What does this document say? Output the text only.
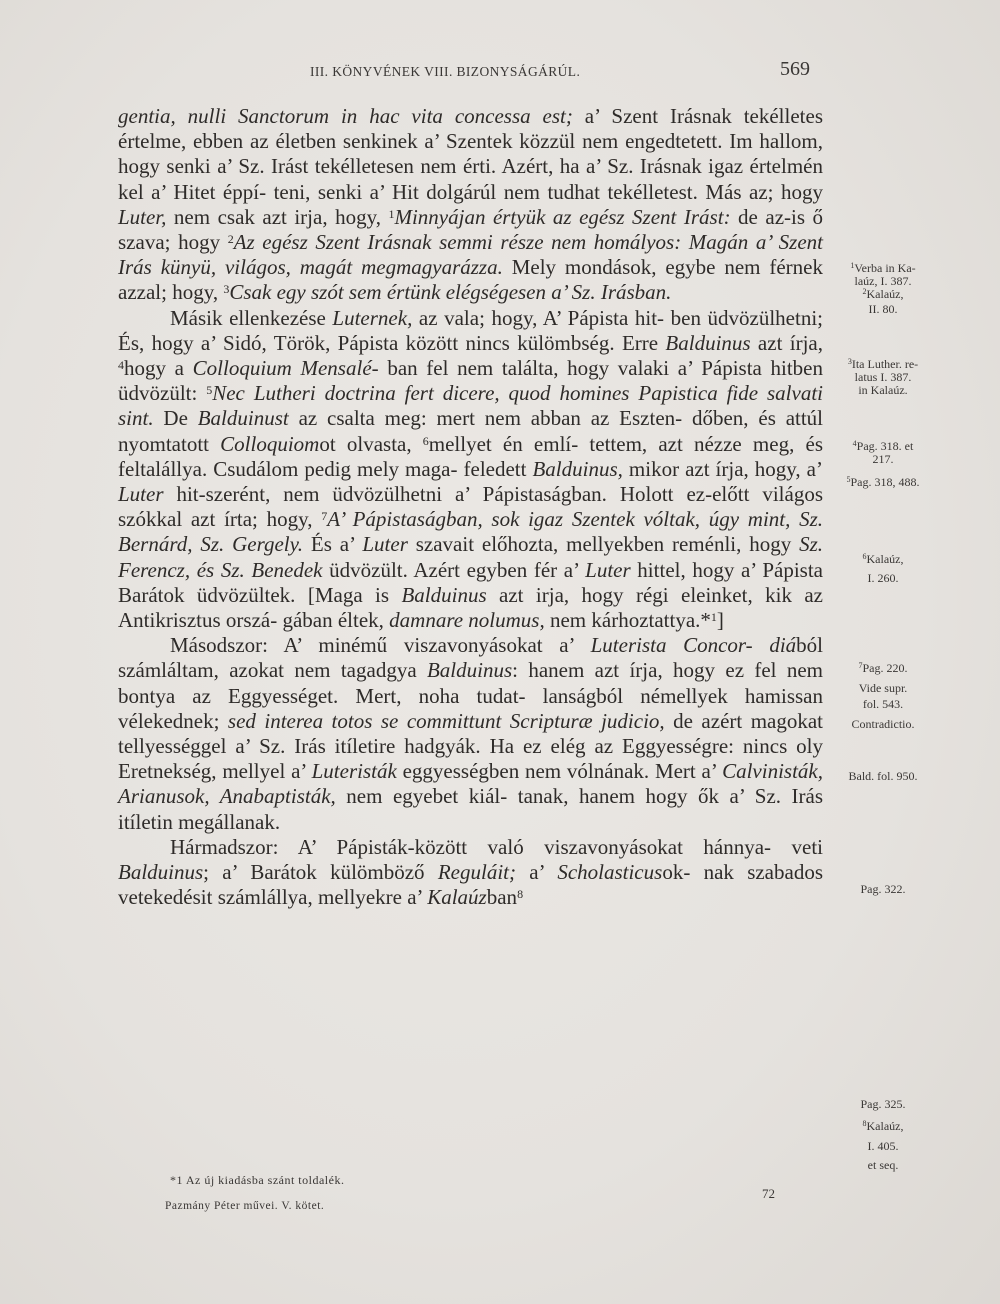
III. KÖNYVÉNEK VIII. BIZONYSÁGÁRÚL.	569

gentia, nulli Sanctorum in hac vita concessa est; a’ Szent Irásnak tekélletes értelme, ebben az életben senkinek a’ Szentek közzül nem engedtetett. Im hallom, hogy senki a’ Sz. Irást tekélletesen nem érti. Azért, ha a’ Sz. Irásnak igaz értelmén kel a’ Hitet éppí- teni, senki a’ Hit dolgárúl nem tudhat tekélletest. Más az; hogy Luter, nem csak azt irja, hogy, $^1$Minnyájan értyük az egész Szent Irást: de az-is ő szava; hogy $^2$Az egész Szent Irásnak semmi része nem homályos: Magán a’ Szent Irás künyü, világos, magát megmagyarázza. Mely mondások, egybe nem férnek azzal; hogy, $^3$Csak egy szót sem értünk elégségesen a’ Sz. Irásban.

Másik ellenkezése Luternek, az vala; hogy, A’ Pápista hit- ben üdvözülhetni; És, hogy a’ Sidó, Török, Pápista között nincs külömbség. Erre Balduinus azt írja, $^4$hogy a Colloquium Mensalé- ban fel nem találta, hogy valaki a’ Pápista hitben üdvözült: $^5$Nec Lutheri doctrina fert dicere, quod homines Papistica fide salvati sint. De Balduinust az csalta meg: mert nem abban az Eszten- dőben, és attúl nyomtatott Colloquiomot olvasta, $^6$mellyet én emlí- tettem, azt nézze meg, és feltalállya. Csudálom pedig mely maga- feledett Balduinus, mikor azt írja, hogy, a’ Luter hit-szerént, nem üdvözülhetni a’ Pápistaságban. Holott ez-előtt világos szókkal azt írta; hogy, $^7$A’ Pápistaságban, sok igaz Szentek vóltak, úgy mint, Sz. Bernárd, Sz. Gergely. És a’ Luter szavait előhozta, mellyekben reménli, hogy Sz. Ferencz, és Sz. Benedek üdvözült. Azért egyben fér a’ Luter hittel, hogy a’ Pápista Barátok üdvözültek. [Maga is Balduinus azt irja, hogy régi eleinket, kik az Antikrisztus orszá- gában éltek, damnare nolumus, nem kárhoztattya.*$^1$]

Másodszor: A’ minémű viszavonyásokat a’ Luterista Concor- diából számláltam, azokat nem tagadgya Balduinus: hanem azt írja, hogy ez fel nem bontya az Eggyességet. Mert, noha tudat- lanságból némellyek hamissan vélekednek; sed interea totos se committunt Scripturæ judicio, de azért magokat tellyességgel a’ Sz. Irás itíletire hadgyák. Ha ez elég az Eggyességre: nincs oly Eretnekség, mellyel a’ Luteristák eggyességben nem vólnának. Mert a’ Calvinisták, Arianusok, Anabaptisták, nem egyebet kiál- tanak, hanem hogy ők a’ Sz. Irás itíletin megállanak.

Hármadszor: A’ Pápisták-között való viszavonyásokat hánnya- veti Balduinus; a’ Barátok külömböző Reguláit; a’ Scholasticusok- nak szabados vetekedésit számlállya, mellyekre a’ Kalaúzban$^8$

$^1$Verba in Ka-
laúz, I. 387.
$^2$Kalaúz,
II. 80.
$^3$Ita Luther. re-
latus I. 387.
in Kalaúz.
$^4$Pag. 318. et
217.
$^5$Pag. 318, 488.
$^6$Kalaúz,
I. 260.
$^7$Pag. 220.
Vide supr.
fol. 543.
Contradictio.
Bald. fol. 950.
Pag. 322.
Pag. 325.
$^8$Kalaúz,
I. 405.
et seq.
*1 Az új kiadásba szánt toldalék.
Pazmány Péter művei. V. kötet.
72
